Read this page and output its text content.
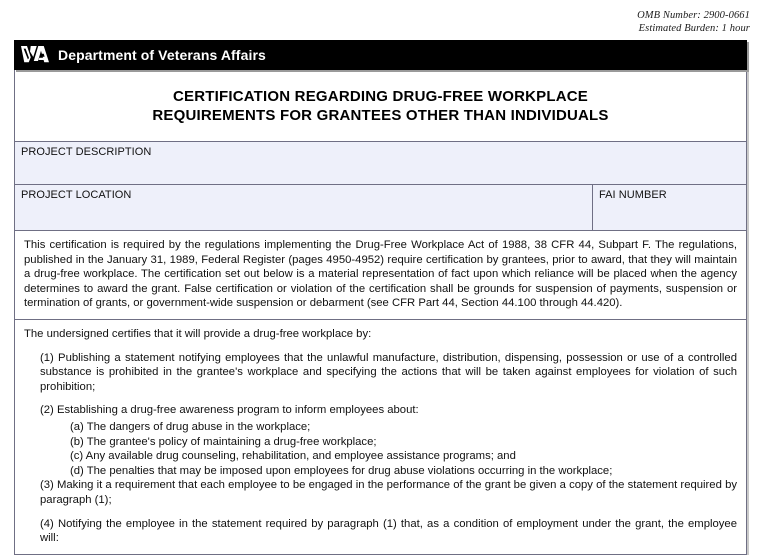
OMB Number: 2900-0661
Estimated Burden: 1 hour
Department of Veterans Affairs
CERTIFICATION REGARDING DRUG-FREE WORKPLACE
REQUIREMENTS FOR GRANTEES OTHER THAN INDIVIDUALS
PROJECT DESCRIPTION
PROJECT LOCATION	FAI NUMBER

This certification is required by the regulations implementing the Drug-Free Workplace Act of 1988, 38 CFR 44, Subpart F. The regulations, published in the January 31, 1989, Federal Register (pages 4950-4952) require certification by grantees, prior to award, that they will maintain a drug-free workplace. The certification set out below is a material representation of fact upon which reliance will be placed when the agency determines to award the grant. False certification or violation of the certification shall be grounds for suspension of payments, suspension or termination of grants, or government-wide suspension or debarment (see CFR Part 44, Section 44.100 through 44.420).

The undersigned certifies that it will provide a drug-free workplace by:

(1) Publishing a statement notifying employees that the unlawful manufacture, distribution, dispensing, possession or use of a controlled substance is prohibited in the grantee's workplace and specifying the actions that will be taken against employees for violation of such prohibition;

(2) Establishing a drug-free awareness program to inform employees about:

(a) The dangers of drug abuse in the workplace;
(b) The grantee's policy of maintaining a drug-free workplace;
(c) Any available drug counseling, rehabilitation, and employee assistance programs; and
(d) The penalties that may be imposed upon employees for drug abuse violations occurring in the workplace;

(3) Making it a requirement that each employee to be engaged in the performance of the grant be given a copy of the statement required by paragraph (1);

(4) Notifying the employee in the statement required by paragraph (1) that, as a condition of employment under the grant, the employee will:
